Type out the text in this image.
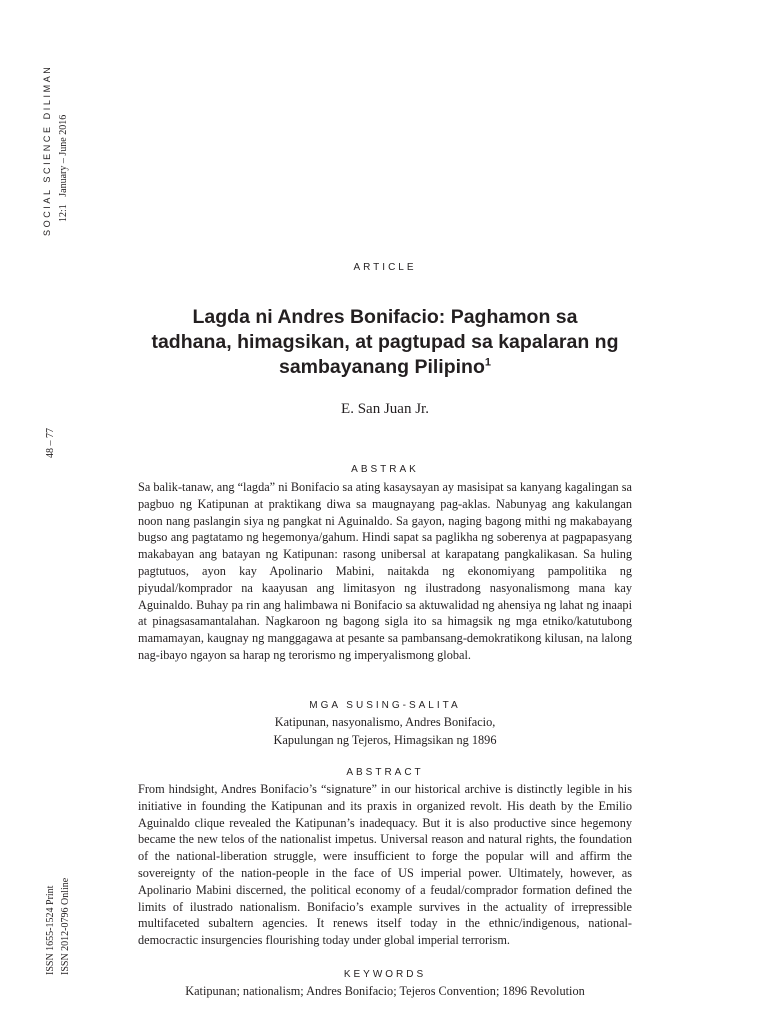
SOCIAL SCIENCE DILIMAN 12:1   January – June 2016
48 – 77
ISSN 1655-1524 Print ISSN 2012-0796 Online
ARTICLE
Lagda ni Andres Bonifacio: Paghamon sa tadhana, himagsikan, at pagtupad sa kapalaran ng sambayanang Pilipino$^1$
E. San Juan Jr.
ABSTRAK
Sa balik-tanaw, ang “lagda” ni Bonifacio sa ating kasaysayan ay masisipat sa kanyang kagalingan sa pagbuo ng Katipunan at praktikang diwa sa maugnayang pag-aklas. Nabunyag ang kakulangan noon nang paslangin siya ng pangkat ni Aguinaldo. Sa gayon, naging bagong mithi ng makabayang bugso ang pagtatamo ng hegemonya/gahum. Hindi sapat sa paglikha ng soberenya at pagpapasyang makabayan ang batayan ng Katipunan: rasong unibersal at karapatang pangkalikasan. Sa huling pagtutuos, ayon kay Apolinario Mabini, naitakda ng ekonomiyang pampolitika ng piyudal/komprador na kaayusan ang limitasyon ng ilustradong nasyonalismong mana kay Aguinaldo. Buhay pa rin ang halimbawa ni Bonifacio sa aktuwalidad ng ahensiya ng lahat ng inaapi at pinagsasamantalahan. Nagkaroon ng bagong sigla ito sa himagsik ng mga etniko/katutubong mamamayan, kaugnay ng manggagawa at pesante sa pambansang-demokratikong kilusan, na lalong nag-ibayo ngayon sa harap ng terorismo ng imperyalismong global.
MGA SUSING-SALITA
Katipunan, nasyonalismo, Andres Bonifacio,
Kapulungan ng Tejeros, Himagsikan ng 1896
ABSTRACT
From hindsight, Andres Bonifacio’s “signature” in our historical archive is distinctly legible in his initiative in founding the Katipunan and its praxis in organized revolt. His death by the Emilio Aguinaldo clique revealed the Katipunan’s inadequacy. But it is also productive since hegemony became the new telos of the nationalist impetus. Universal reason and natural rights, the foundation of the national-liberation struggle, were insufficient to forge the popular will and affirm the sovereignty of the nation-people in the face of US imperial power. Ultimately, however, as Apolinario Mabini discerned, the political economy of a feudal/comprador formation defined the limits of ilustrado nationalism. Bonifacio’s example survives in the actuality of irrepressible multifaceted subaltern agencies. It renews itself today in the ethnic/indigenous, national-democractic insurgencies flourishing today under global imperial terrorism.
KEYWORDS
Katipunan; nationalism; Andres Bonifacio; Tejeros Convention; 1896 Revolution
